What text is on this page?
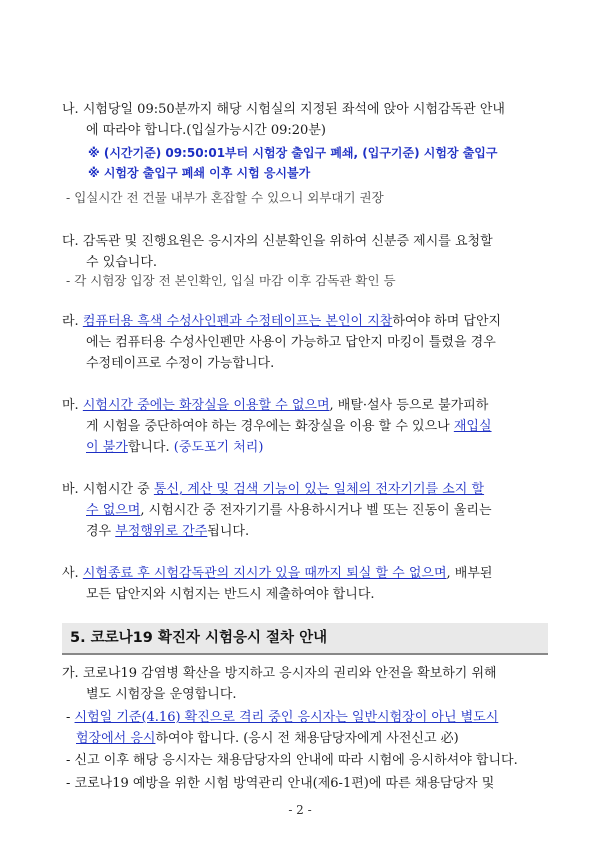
나. 시험당일 09:50분까지 해당 시험실의 지정된 좌석에 앉아 시험감독관 안내
에 따라야 합니다.(입실가능시간 09:20분)
※ (시간기준) 09:50:01부터 시험장 출입구 폐쇄, (입구기준) 시험장 출입구
※ 시험장 출입구 폐쇄 이후 시험 응시불가
- 입실시간 전 건물 내부가 혼잡할 수 있으니 외부대기 권장
다. 감독관 및 진행요원은 응시자의 신분확인을 위하여 신분증 제시를 요청할
수 있습니다.
- 각 시험장 입장 전 본인확인, 입실 마감 이후 감독관 확인 등
라. 컴퓨터용 흑색 수성사인펜과 수정테이프는 본인이 지참하여야 하며 답안지
에는 컴퓨터용 수성사인펜만 사용이 가능하고 답안지 마킹이 틀렸을 경우
수정테이프로 수정이 가능합니다.
마. 시험시간 중에는 화장실을 이용할 수 없으며, 배탈·설사 등으로 불가피하
게 시험을 중단하여야 하는 경우에는 화장실을 이용 할 수 있으나 재입실
이 불가합니다. (중도포기 처리)
바. 시험시간 중 통신, 계산 및 검색 기능이 있는 일체의 전자기기를 소지 할
수 없으며, 시험시간 중 전자기기를 사용하시거나 벨 또는 진동이 울리는
경우 부정행위로 간주됩니다.
사. 시험종료 후 시험감독관의 지시가 있을 때까지 퇴실 할 수 없으며, 배부된
모든 답안지와 시험지는 반드시 제출하여야 합니다.
5. 코로나19 확진자 시험응시 절차 안내
가. 코로나19 감염병 확산을 방지하고 응시자의 권리와 안전을 확보하기 위해
별도 시험장을 운영합니다.
- 시험일 기준(4.16) 확진으로 격리 중인 응시자는 일반시험장이 아닌 별도시
험장에서 응시하여야 합니다. (응시 전 채용담당자에게 사전신고 必)
- 신고 이후 해당 응시자는 채용담당자의 안내에 따라 시험에 응시하셔야 합니다.
- 코로나19 예방을 위한 시험 방역관리 안내(제6-1편)에 따른 채용담당자 및
- 2 -
